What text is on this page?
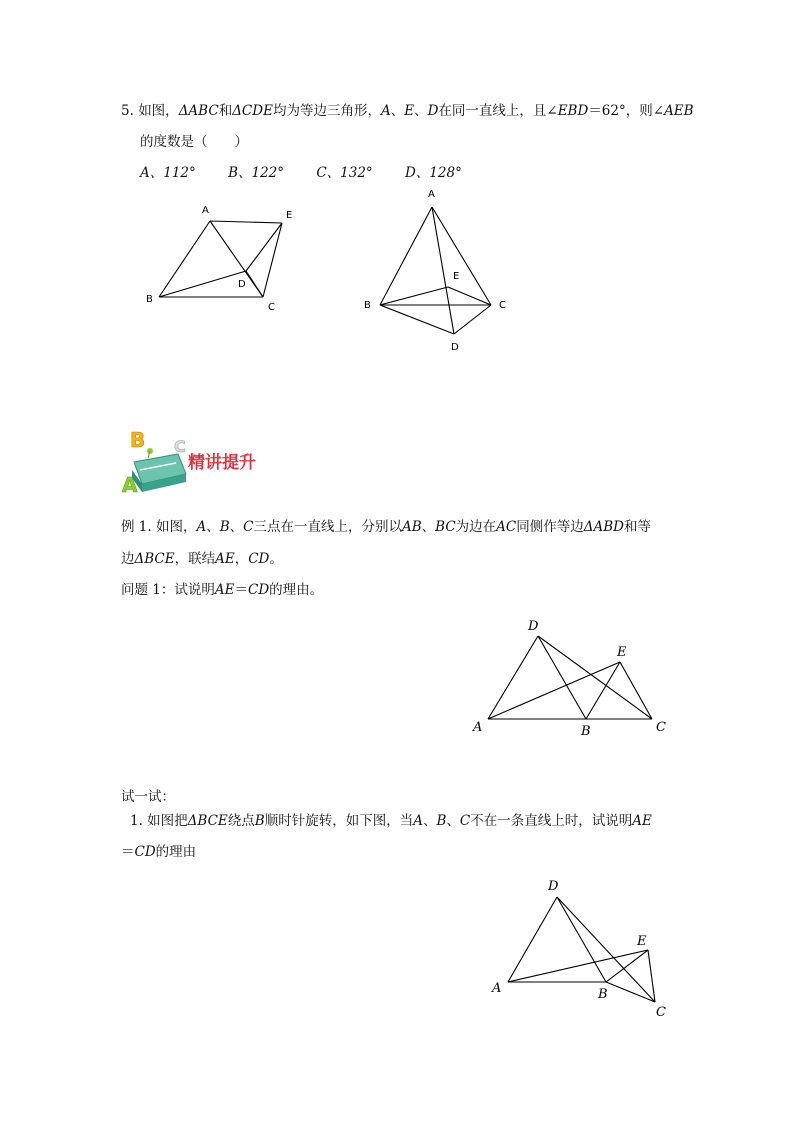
5. 如图，ΔABC和ΔCDE均为等边三角形，A、E、D在同一直线上，且∠EBD＝62°，则∠AEB
的度数是（　　）
A、112° B、122° C、132° D、128°
A	E
B
D
C
A
E
B	C
D
B C
A
精讲提升
D
E
A	B	C
D
E
A	B
C
例 1. 如图，A、B、C三点在一直线上，分别以AB、BC为边在AC同侧作等边ΔABD和等
边ΔBCE，联结AE，CD。
问题 1：试说明AE＝CD的理由。
试一试：
1. 如图把ΔBCE绕点B顺时针旋转，如下图，当A、B、C不在一条直线上时，试说明AE
＝CD的理由
